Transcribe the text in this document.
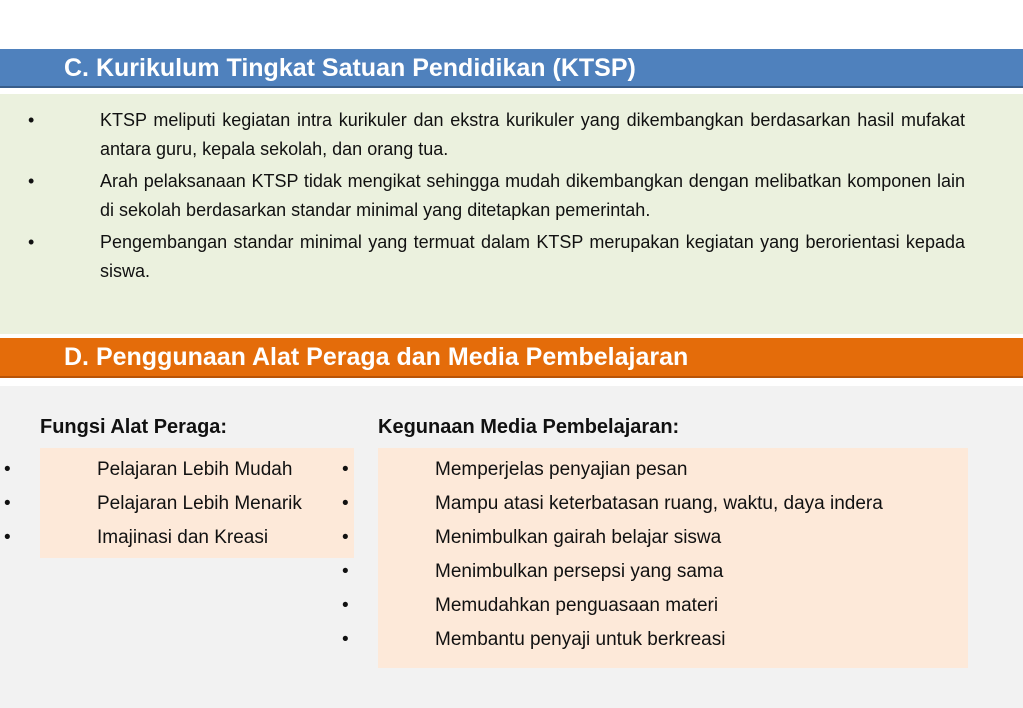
C. Kurikulum Tingkat Satuan Pendidikan (KTSP)
•	KTSP meliputi kegiatan intra kurikuler dan ekstra kurikuler yang dikembangkan berdasarkan hasil mufakat antara guru, kepala sekolah, dan orang tua.
•	Arah pelaksanaan KTSP tidak mengikat sehingga mudah dikembangkan dengan melibatkan komponen lain di sekolah berdasarkan standar minimal yang ditetapkan pemerintah.
•	Pengembangan standar minimal yang termuat dalam KTSP merupakan kegiatan yang berorientasi kepada siswa.
D. Penggunaan Alat Peraga dan Media Pembelajaran
Fungsi Alat Peraga:
•	Pelajaran Lebih Mudah
•	Pelajaran Lebih Menarik
•	Imajinasi dan Kreasi
Kegunaan Media Pembelajaran:
•	Memperjelas penyajian pesan
•	Mampu atasi keterbatasan ruang, waktu, daya indera
•	Menimbulkan gairah belajar siswa
•	Menimbulkan persepsi yang sama
•	Memudahkan penguasaan materi
•	Membantu penyaji untuk berkreasi
